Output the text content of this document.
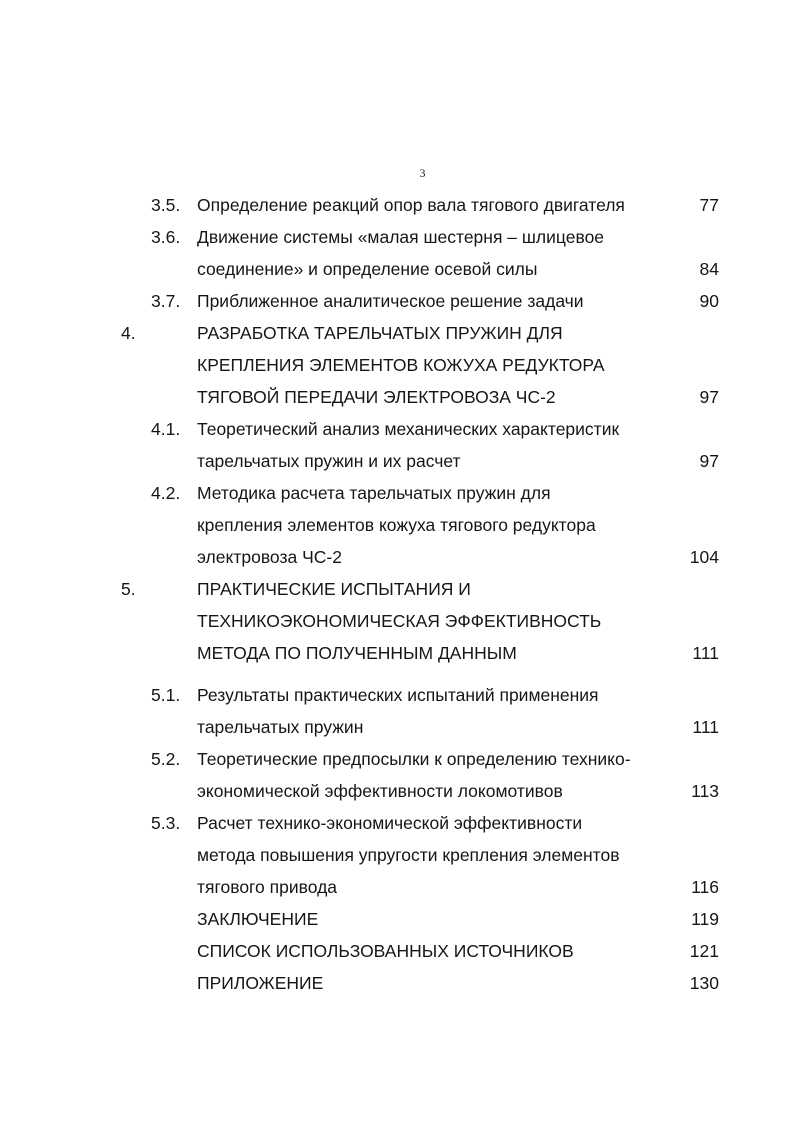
3
3.5. Определение реакций опор вала тягового двигателя	77
3.6. Движение системы «малая шестерня – шлицевое
соединение» и определение осевой силы	84
3.7. Приближенное аналитическое решение задачи	90
4.	РАЗРАБОТКА ТАРЕЛЬЧАТЫХ ПРУЖИН ДЛЯ
КРЕПЛЕНИЯ ЭЛЕМЕНТОВ КОЖУХА РЕДУКТОРА
ТЯГОВОЙ ПЕРЕДАЧИ ЭЛЕКТРОВОЗА ЧС-2	97
4.1. Теоретический анализ механических характеристик
тарельчатых пружин и их расчет	97
4.2. Методика расчета тарельчатых пружин для
крепления элементов кожуха тягового редуктора
электровоза ЧС-2	104
5.	ПРАКТИЧЕСКИЕ ИСПЫТАНИЯ И
ТЕХНИКОЭКОНОМИЧЕСКАЯ ЭФФЕКТИВНОСТЬ
МЕТОДА ПО ПОЛУЧЕННЫМ ДАННЫМ	111
5.1. Результаты практических испытаний применения
тарельчатых пружин	111
5.2. Теоретические предпосылки к определению технико-
экономической эффективности локомотивов	113
5.3. Расчет технико-экономической эффективности
метода повышения упругости крепления элементов
тягового привода	116
ЗАКЛЮЧЕНИЕ	119
СПИСОК ИСПОЛЬЗОВАННЫХ ИСТОЧНИКОВ	121
ПРИЛОЖЕНИЕ	130
